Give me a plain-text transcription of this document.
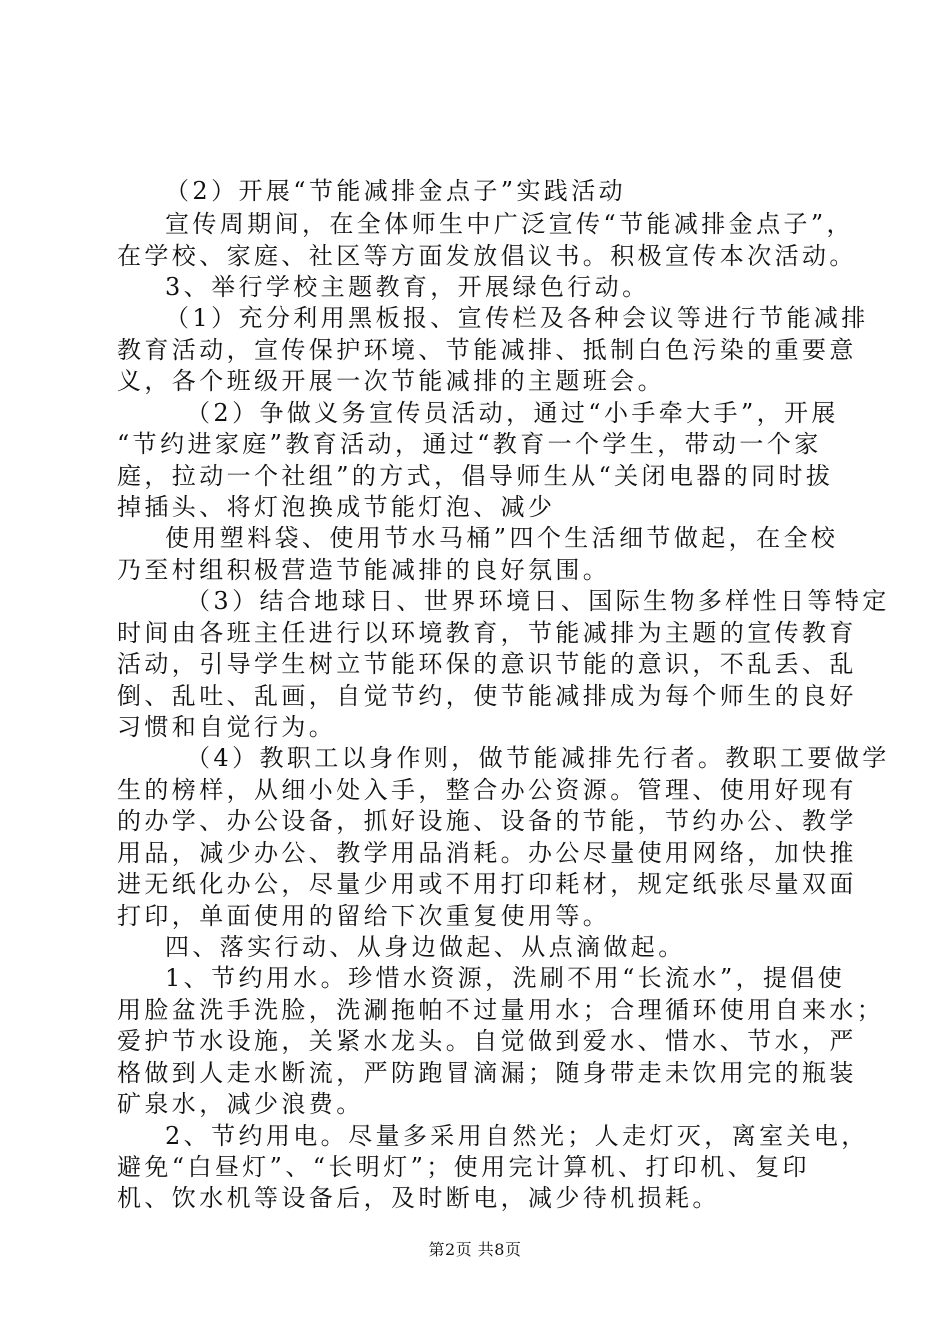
（2）开展“节能减排金点子”实践活动
宣传周期间，在全体师生中广泛宣传“节能减排金点子”，
在学校、家庭、社区等方面发放倡议书。积极宣传本次活动。
3、举行学校主题教育，开展绿色行动。
（1）充分利用黑板报、宣传栏及各种会议等进行节能减排
教育活动，宣传保护环境、节能减排、抵制白色污染的重要意
义，各个班级开展一次节能减排的主题班会。
（2）争做义务宣传员活动，通过“小手牵大手”，开展
“节约进家庭”教育活动，通过“教育一个学生，带动一个家
庭，拉动一个社组”的方式，倡导师生从“关闭电器的同时拔
掉插头、将灯泡换成节能灯泡、减少
使用塑料袋、使用节水马桶”四个生活细节做起，在全校
乃至村组积极营造节能减排的良好氛围。
（3）结合地球日、世界环境日、国际生物多样性日等特定
时间由各班主任进行以环境教育，节能减排为主题的宣传教育
活动，引导学生树立节能环保的意识节能的意识，不乱丢、乱
倒、乱吐、乱画，自觉节约，使节能减排成为每个师生的良好
习惯和自觉行为。
（4）教职工以身作则，做节能减排先行者。教职工要做学
生的榜样，从细小处入手，整合办公资源。管理、使用好现有
的办学、办公设备，抓好设施、设备的节能，节约办公、教学
用品，减少办公、教学用品消耗。办公尽量使用网络，加快推
进无纸化办公，尽量少用或不用打印耗材，规定纸张尽量双面
打印，单面使用的留给下次重复使用等。
四、落实行动、从身边做起、从点滴做起。
1、节约用水。珍惜水资源，洗刷不用“长流水”，提倡使
用脸盆洗手洗脸，洗涮拖帕不过量用水；合理循环使用自来水；
爱护节水设施，关紧水龙头。自觉做到爱水、惜水、节水，严
格做到人走水断流，严防跑冒滴漏；随身带走未饮用完的瓶装
矿泉水，减少浪费。
2、节约用电。尽量多采用自然光；人走灯灭，离室关电，
避免“白昼灯”、“长明灯”；使用完计算机、打印机、复印
机、饮水机等设备后，及时断电，减少待机损耗。
第2页 共8页
